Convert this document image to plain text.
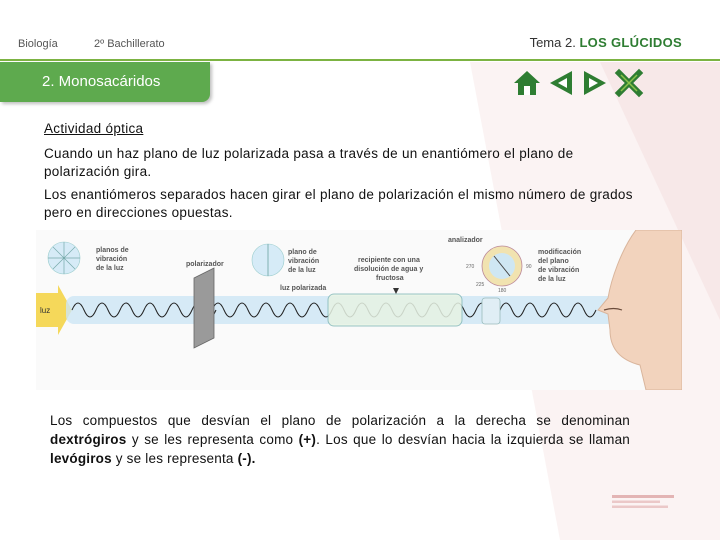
Biología	2º Bachillerato	Tema 2. LOS GLÚCIDOS
2. Monosacáridos
Actividad óptica
Cuando un haz plano de luz polarizada pasa a través de un enantiómero el plano de polarización gira.
Los enantiómeros separados hacen girar el plano de polarización el mismo número de grados pero en direcciones opuestas.
luz
planos de
vibración
de la luz
polarizador
plano de
vibración
de la luz
luz polarizada
recipiente con una
disolución de agua y
fructosa
analizador
270	90
180
225
modificación
del plano
de vibración
de la luz
Los compuestos que desvían el plano de polarización a la derecha se denominan dextrógiros y se les representa como (+). Los que lo desvían hacia la izquierda se llaman levógiros y se les representa (-).
